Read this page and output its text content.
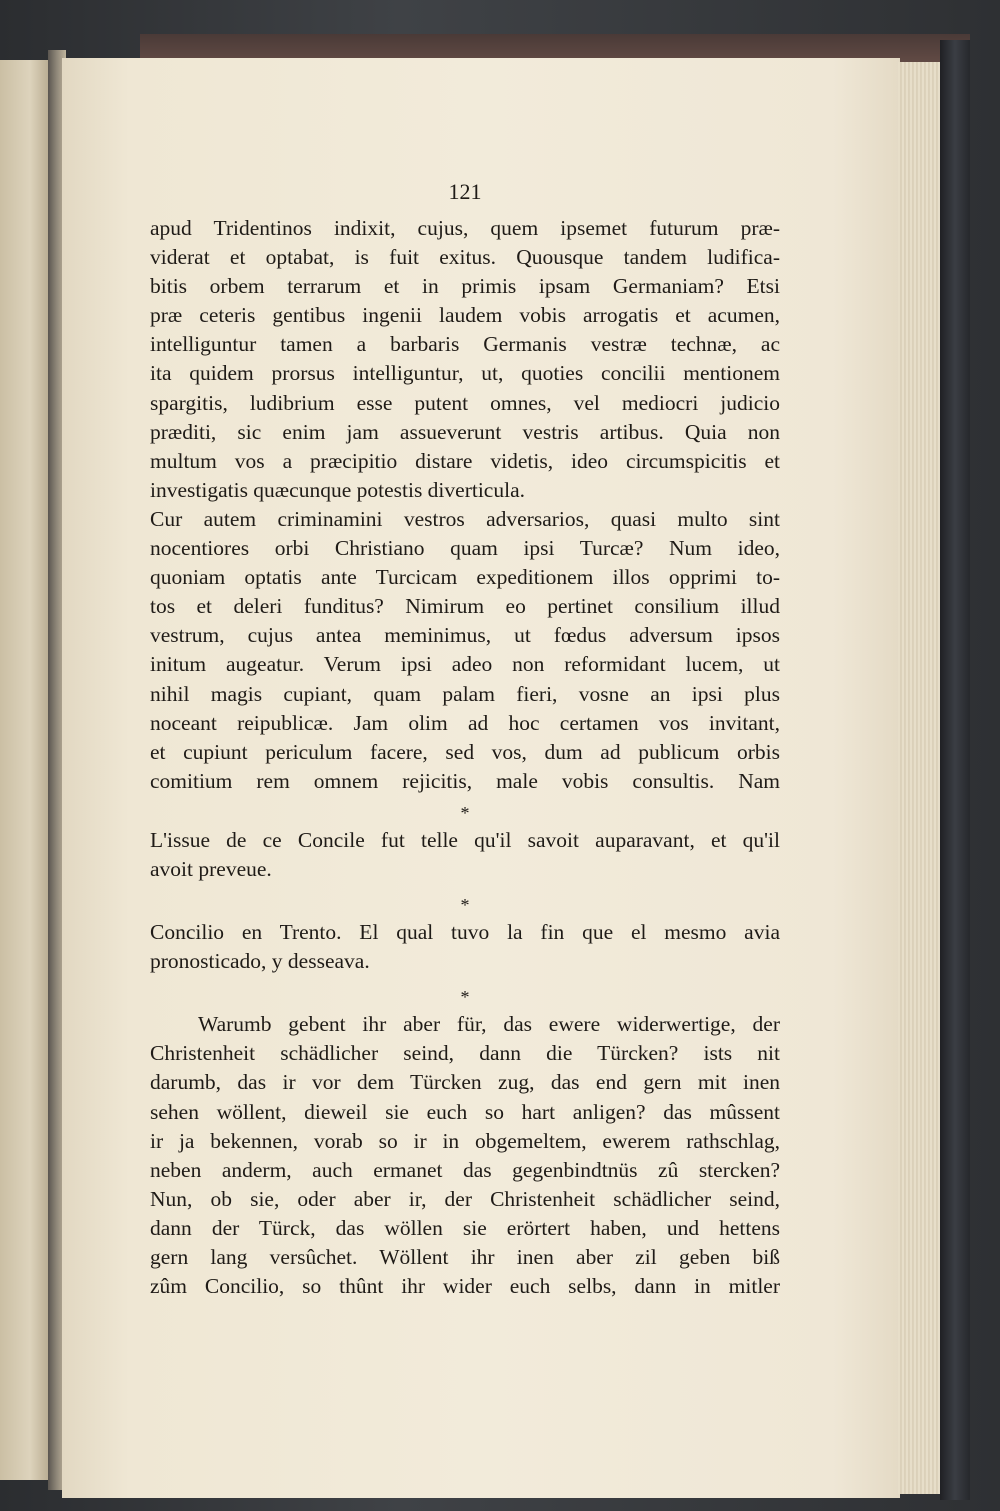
121
apud Tridentinos indixit, cujus, quem ipsemet futurum præ-
viderat et optabat, is fuit exitus. Quousque tandem ludifica-
bitis orbem terrarum et in primis ipsam Germaniam? Etsi
præ ceteris gentibus ingenii laudem vobis arrogatis et acumen,
intelliguntur tamen a barbaris Germanis vestræ technæ, ac
ita quidem prorsus intelliguntur, ut, quoties concilii mentionem
spargitis, ludibrium esse putent omnes, vel mediocri judicio
præditi, sic enim jam assueverunt vestris artibus. Quia non
multum vos a præcipitio distare videtis, ideo circumspicitis et
investigatis quæcunque potestis diverticula.
Cur autem criminamini vestros adversarios, quasi multo sint
nocentiores orbi Christiano quam ipsi Turcæ? Num ideo,
quoniam optatis ante Turcicam expeditionem illos opprimi to-
tos et deleri funditus? Nimirum eo pertinet consilium illud
vestrum, cujus antea meminimus, ut fœdus adversum ipsos
initum augeatur. Verum ipsi adeo non reformidant lucem, ut
nihil magis cupiant, quam palam fieri, vosne an ipsi plus
noceant reipublicæ. Jam olim ad hoc certamen vos invitant,
et cupiunt periculum facere, sed vos, dum ad publicum orbis
comitium rem omnem rejicitis, male vobis consultis. Nam
*
L'issue de ce Concile fut telle qu'il savoit auparavant, et qu'il
avoit preveue.
*
Concilio en Trento. El qual tuvo la fin que el mesmo avia
pronosticado, y desseava.
*
Warumb gebent ihr aber für, das ewere widerwertige, der
Christenheit schädlicher seind, dann die Türcken? ists nit
darumb, das ir vor dem Türcken zug, das end gern mit inen
sehen wöllent, dieweil sie euch so hart anligen? das mûssent
ir ja bekennen, vorab so ir in obgemeltem, ewerem rathschlag,
neben anderm, auch ermanet das gegenbindtnüs zû stercken?
Nun, ob sie, oder aber ir, der Christenheit schädlicher seind,
dann der Türck, das wöllen sie erörtert haben, und hettens
gern lang versûchet. Wöllent ihr inen aber zil geben biß
zûm Concilio, so thûnt ihr wider euch selbs, dann in mitler
